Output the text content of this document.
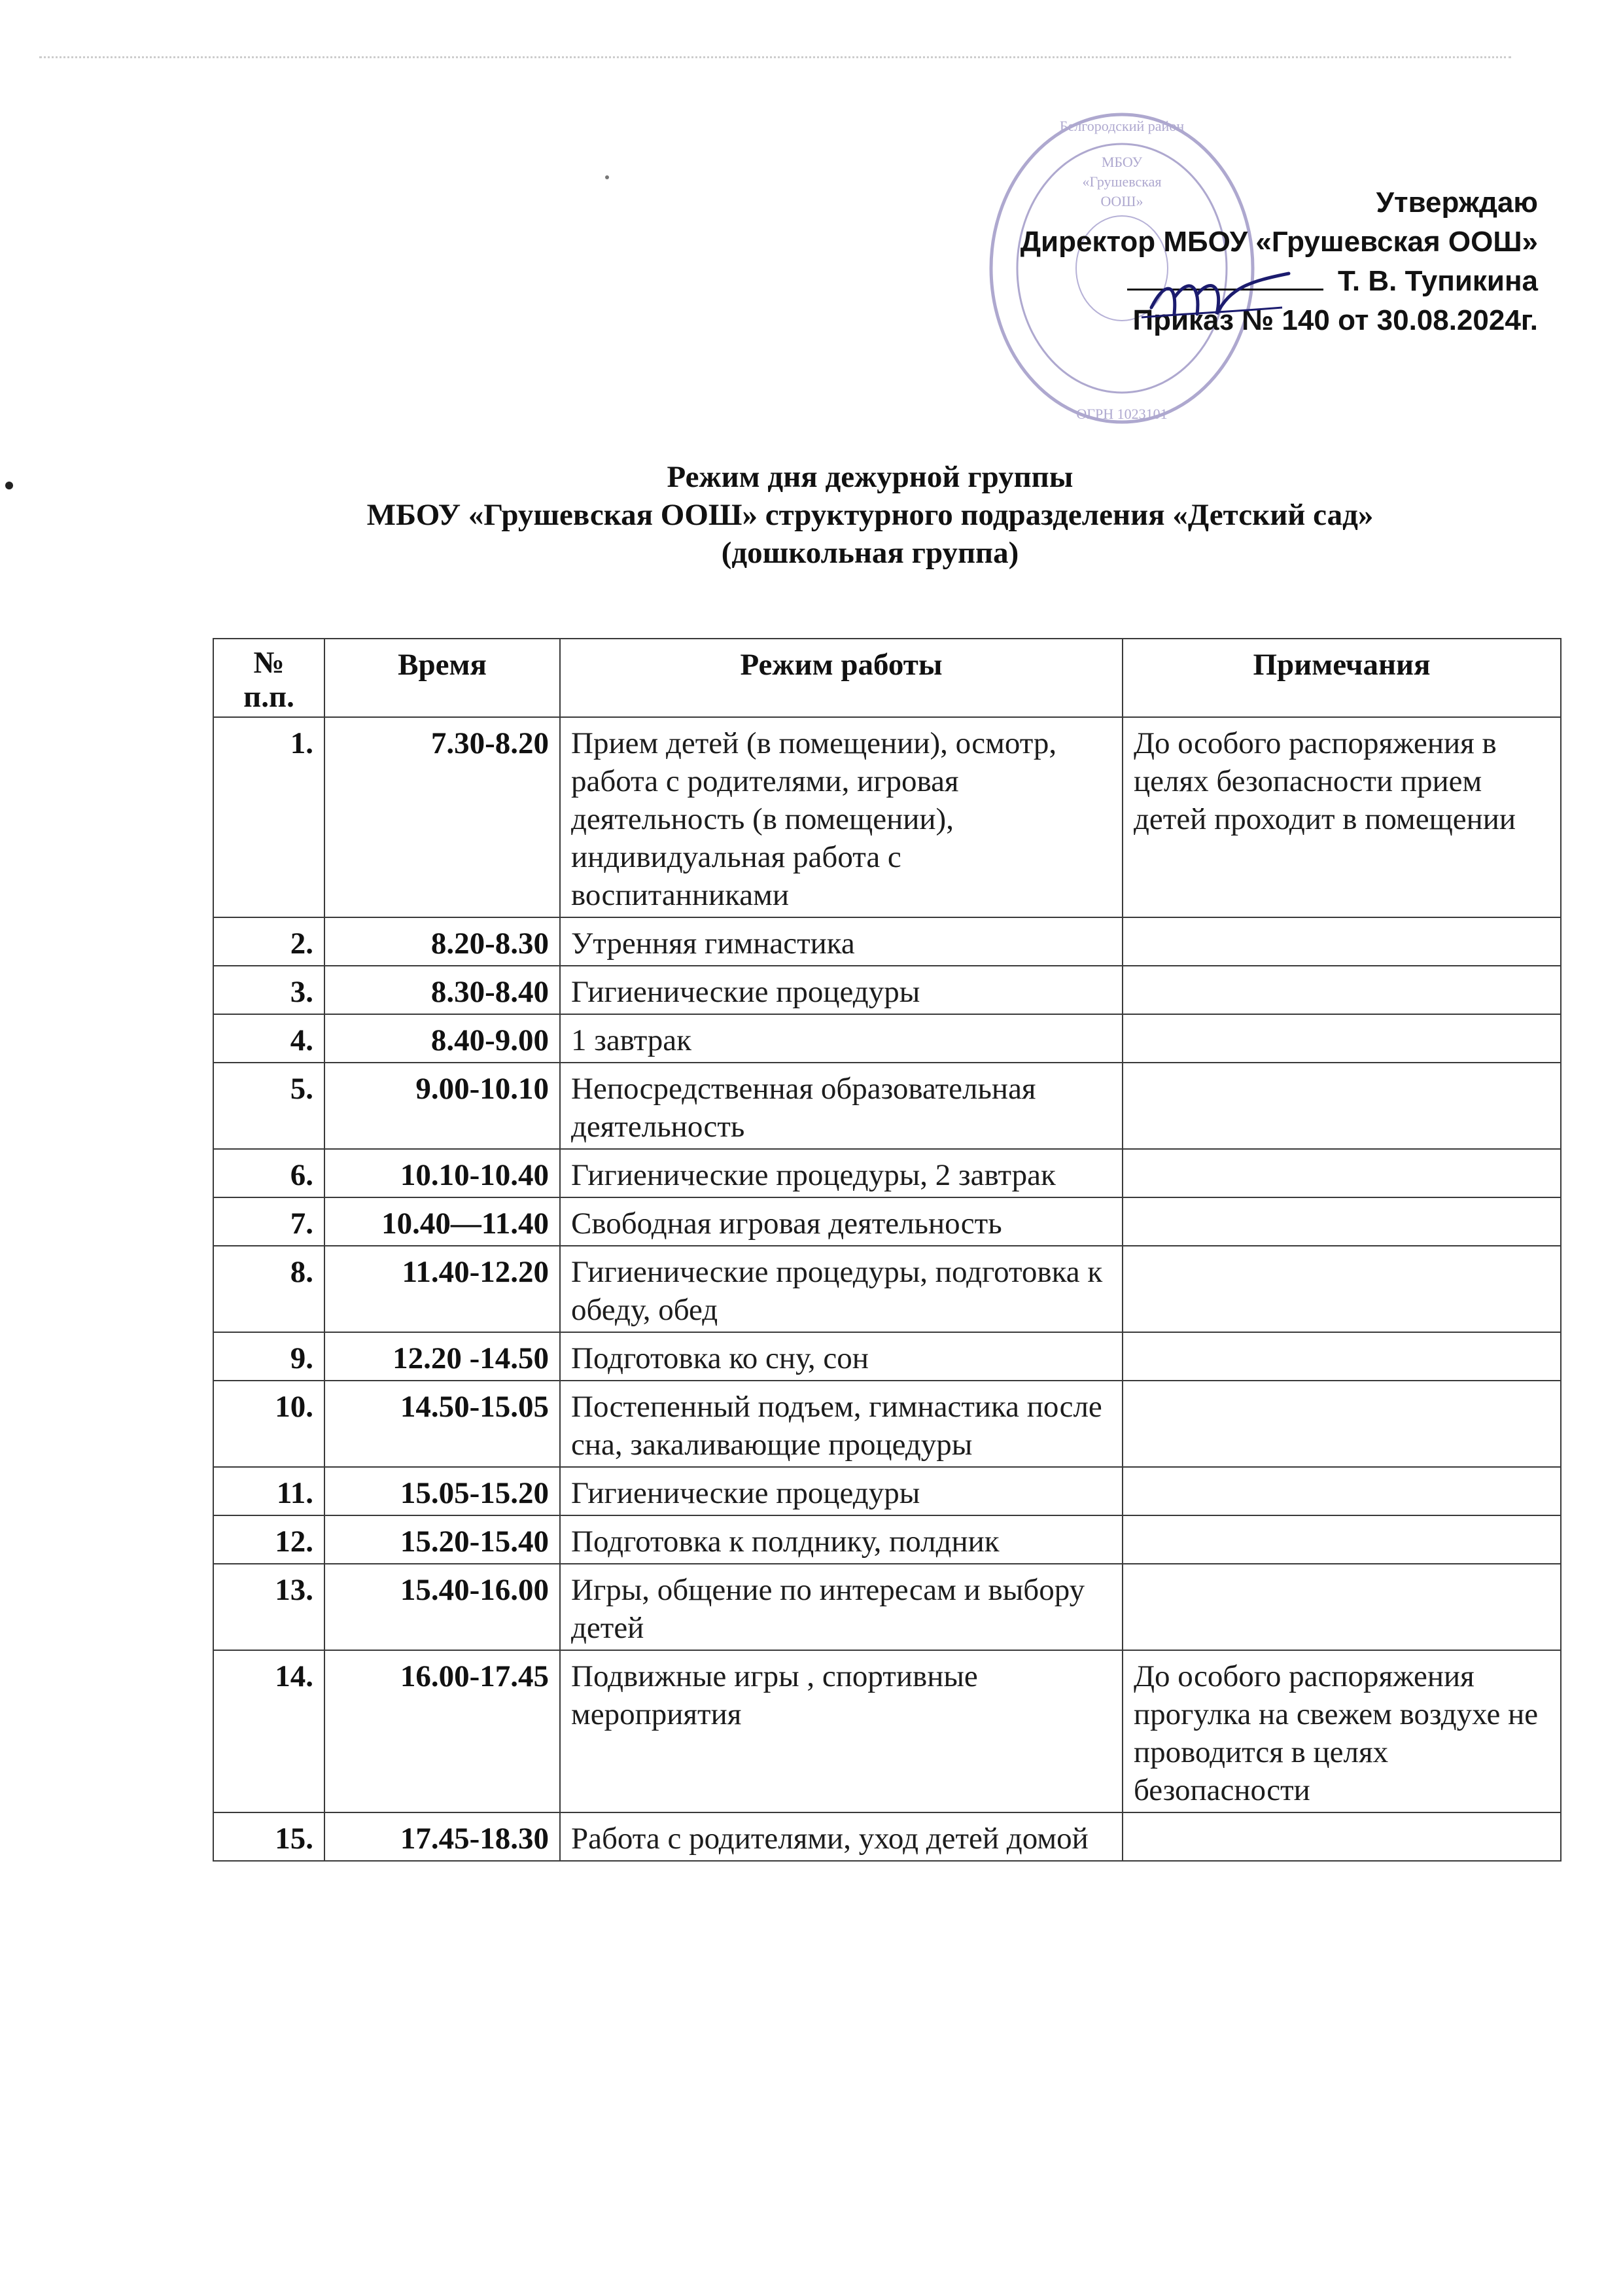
Белгородский район
ОГРН 1023101
МБОУ
«Грушевская
ООШ»	Утверждаю
Директор МБОУ «Грушевская ООШ»
Т. В. Тупикина
Приказ № 140 от 30.08.2024г.
Режим дня дежурной группы
МБОУ «Грушевская ООШ» структурного подразделения «Детский сад»
(дошкольная группа)
№ п.п.	Время	Режим работы	Примечания
1.	7.30-8.20	Прием детей (в помещении), осмотр, работа с родителями, игровая деятельность (в помещении), индивидуальная работа с воспитанниками	До особого распоряжения в целях безопасности прием детей проходит в помещении
2.	8.20-8.30	Утренняя гимнастика	
3.	8.30-8.40	Гигиенические процедуры	
4.	8.40-9.00	1 завтрак	
5.	9.00-10.10	Непосредственная образовательная деятельность	
6.	10.10-10.40	Гигиенические процедуры, 2 завтрак	
7.	10.40—11.40	Свободная игровая деятельность	
8.	11.40-12.20	Гигиенические процедуры, подготовка к обеду, обед	
9.	12.20 -14.50	Подготовка ко сну, сон	
10.	14.50-15.05	Постепенный подъем, гимнастика после сна, закаливающие процедуры	
11.	15.05-15.20	Гигиенические процедуры	
12.	15.20-15.40	Подготовка к полднику, полдник	
13.	15.40-16.00	Игры, общение по интересам и выбору детей	
14.	16.00-17.45	Подвижные игры , спортивные мероприятия	До особого распоряжения прогулка на свежем воздухе не проводится в целях безопасности
15.	17.45-18.30	Работа с родителями, уход детей домой	
